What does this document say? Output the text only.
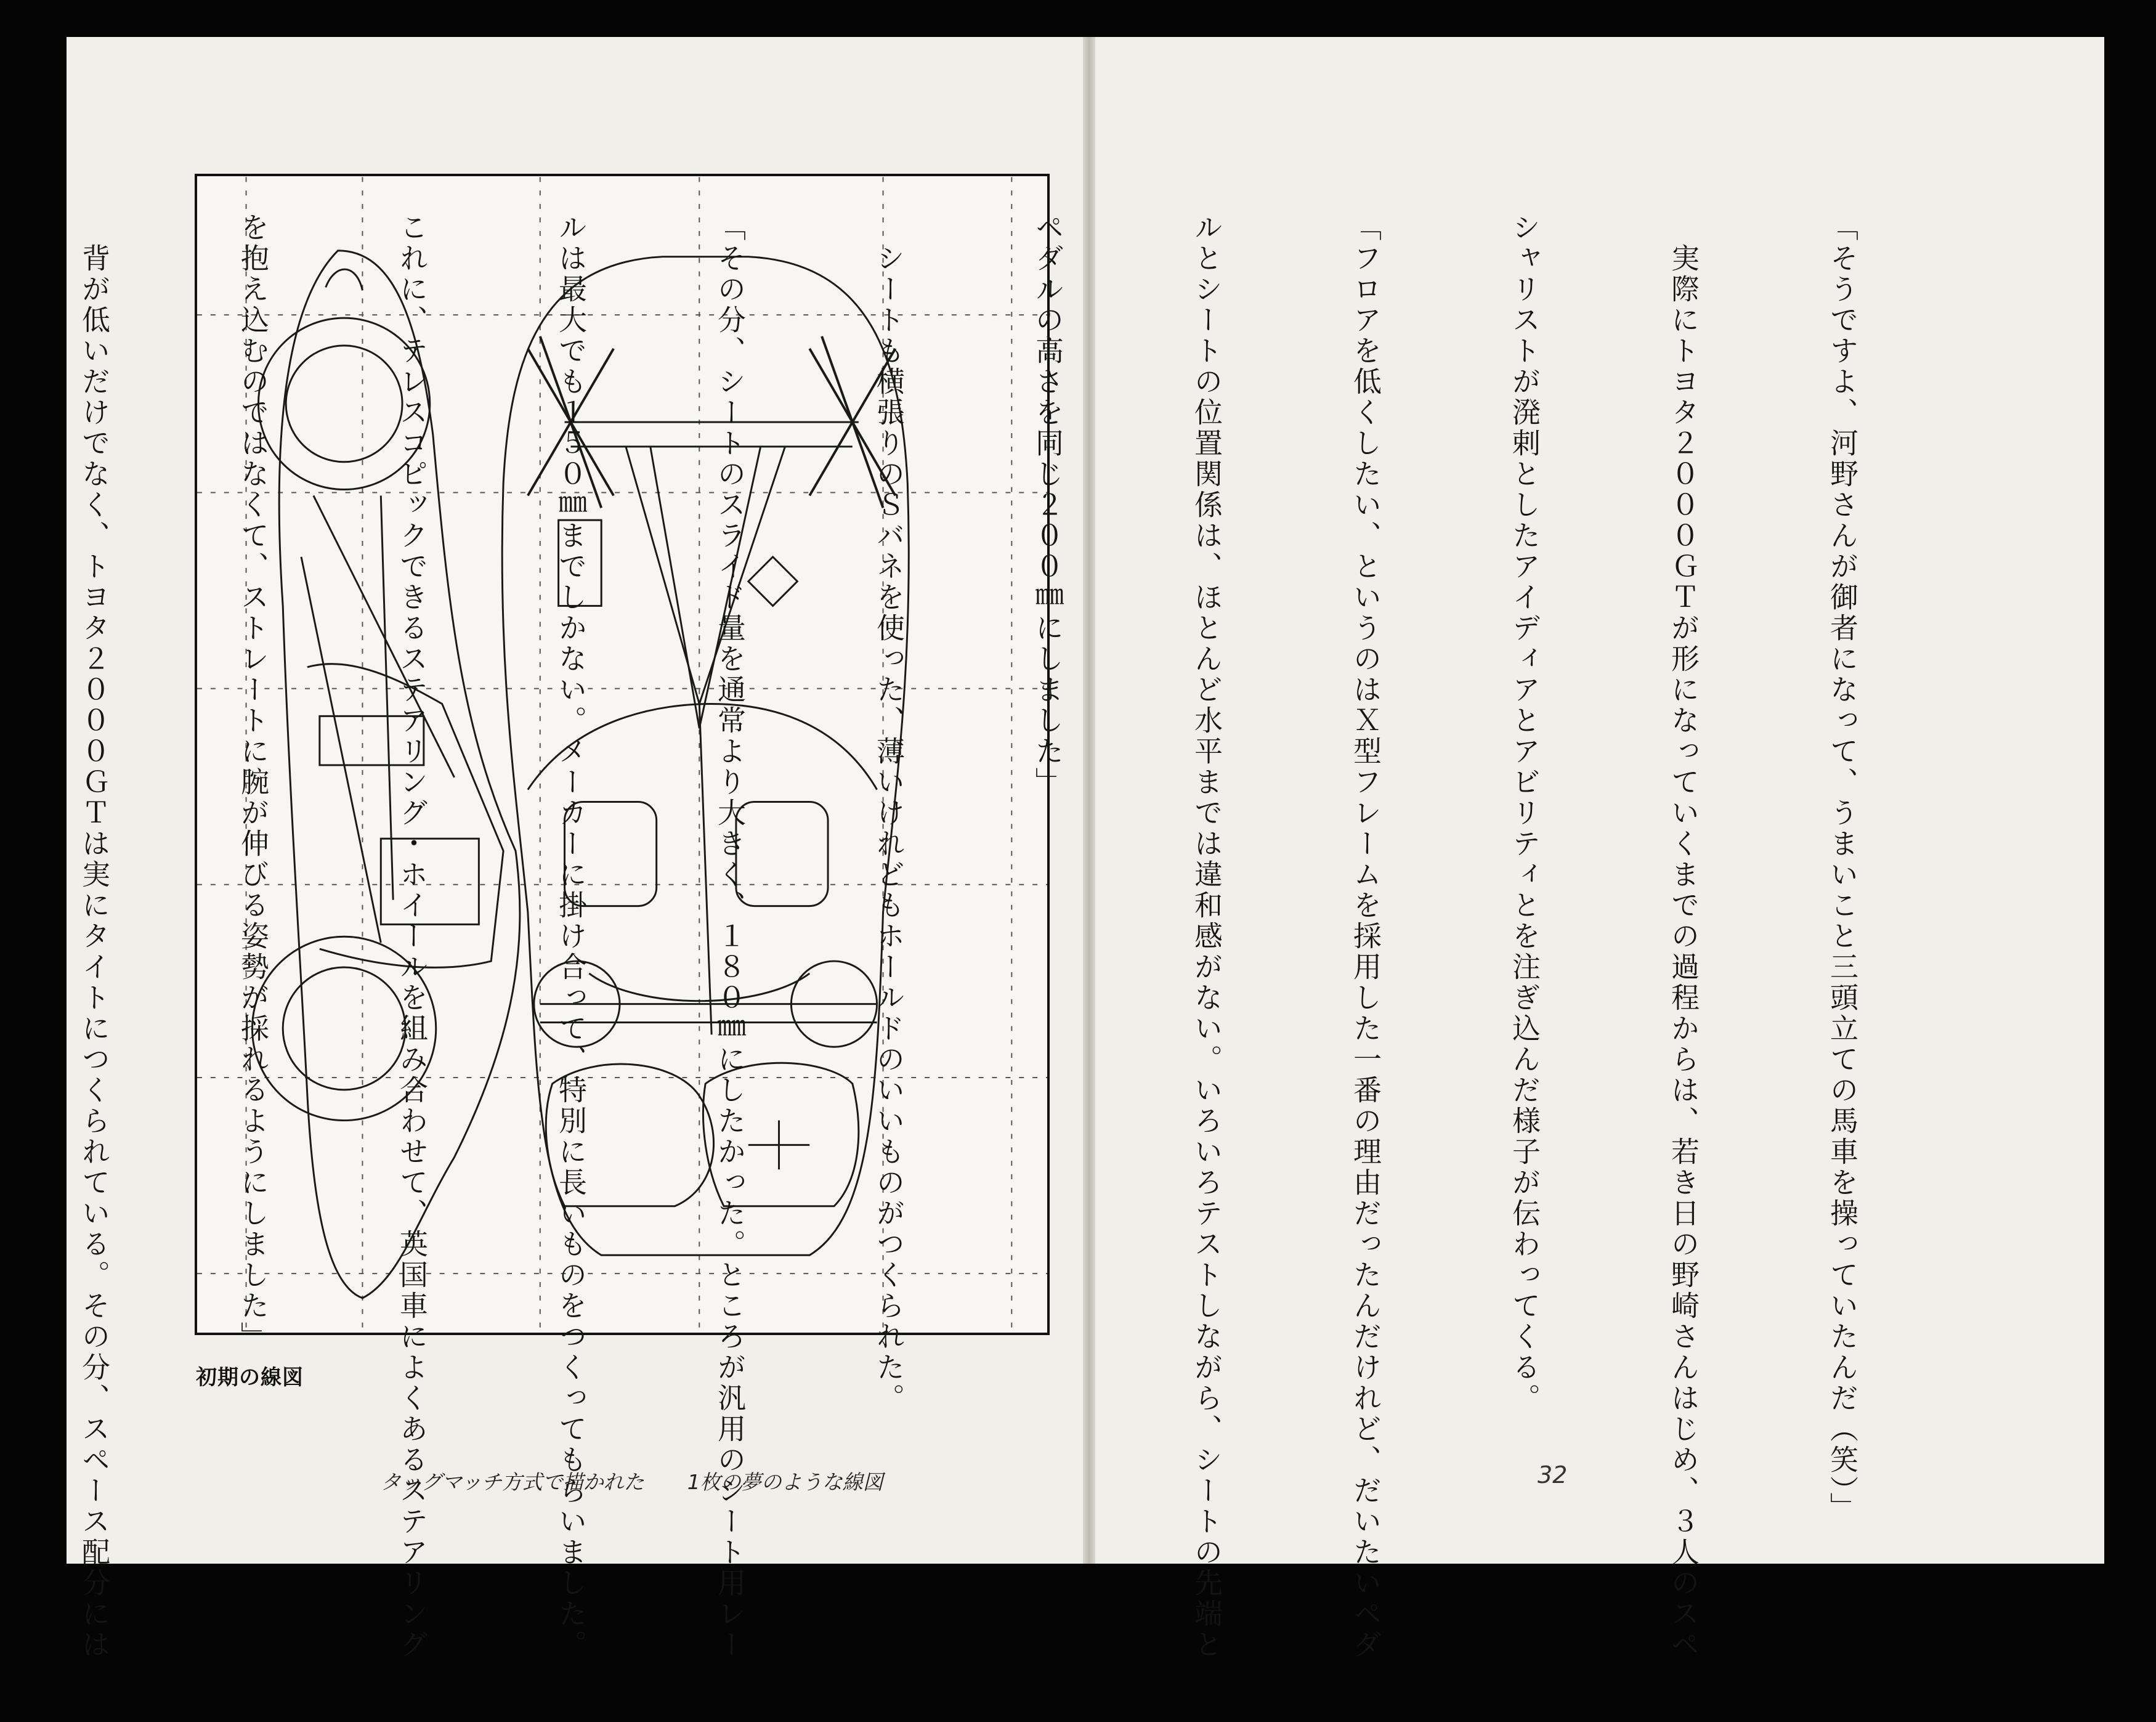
初期の線図
タッグマッチ方式で描かれた 1枚の夢のような線図

	「そうですよ、河野さんが御者になって、うまいこと三頭立ての馬車を操っていたんだ（笑）」

　実際にトヨタ２０００ＧＴが形になっていくまでの過程からは、若き日の野崎さんはじめ、３人のスペ

シャリストが溌剌としたアイディアとアビリティとを注ぎ込んだ様子が伝わってくる。

「フロアを低くしたい、というのはＸ型フレームを採用した一番の理由だったんだけれど、だいたいペダ

ルとシートの位置関係は、ほとんど水平までは違和感がない。いろいろテストしながら、シートの先端と

ペダルの高さを同じ２００㎜にしました」

　シートも横張りのＳバネを使った、薄いけれどもホールドのいいものがつくられた。

「その分、シートのスライド量を通常より大きく、１８０㎜にしたかった。ところが汎用のシート用レー

ルは最大でも１５０㎜までしかない。メーカーに掛け合って、特別に長いものをつくってもらいました。

これに、テレスコピックできるステアリング・ホイールを組み合わせて、英国車によくあるステアリング

を抱え込むのではなくて、ストレートに腕が伸びる姿勢が採れるようにしました」

　背が低いだけでなく、トヨタ２０００ＧＴは実にタイトにつくられている。その分、スペース配分には

	32
